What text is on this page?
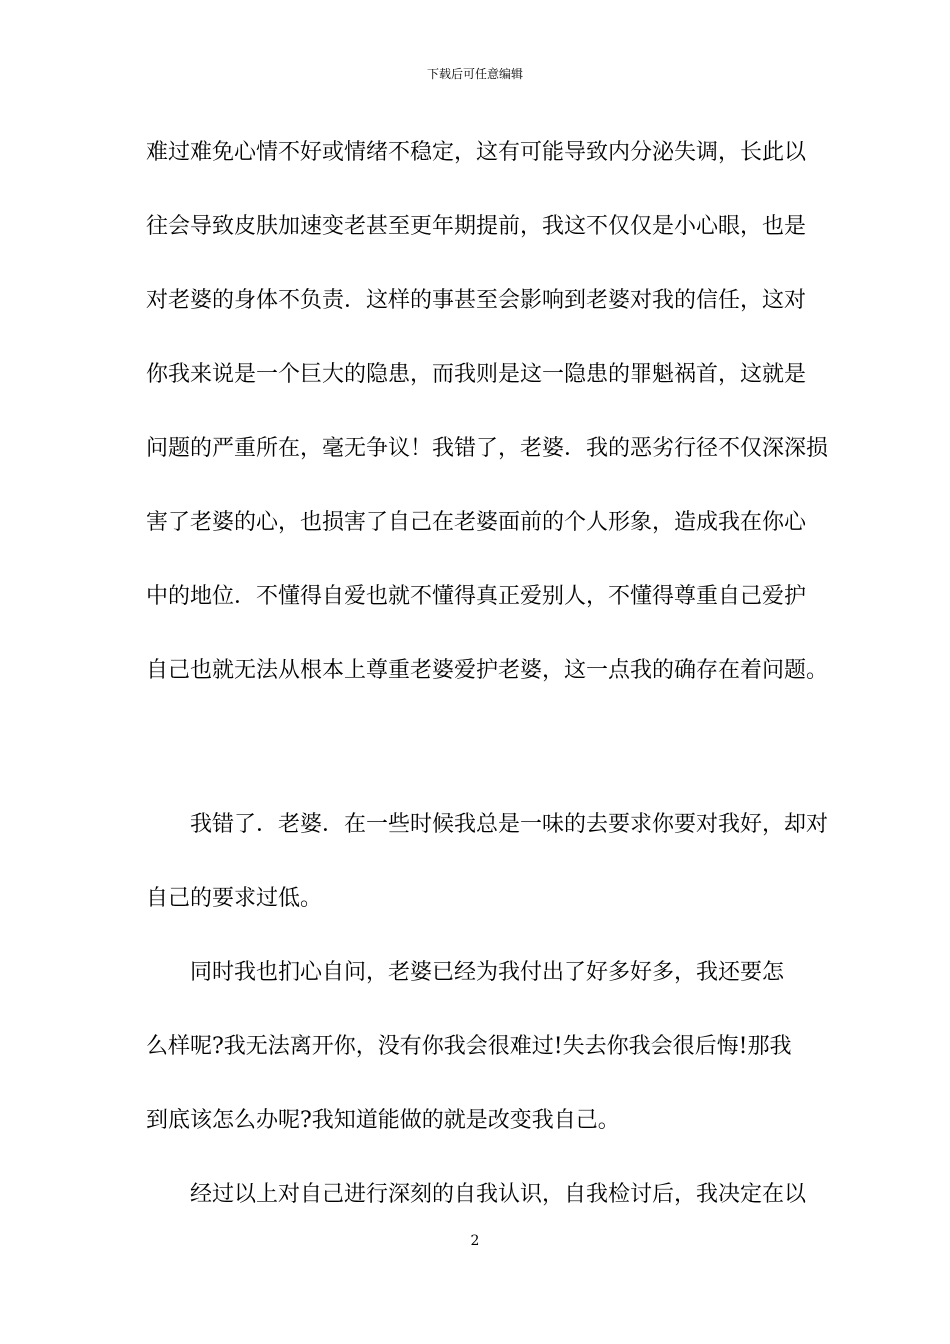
下载后可任意编辑
难过难免心情不好或情绪不稳定，这有可能导致内分泌失调，长此以
往会导致皮肤加速变老甚至更年期提前，我这不仅仅是小心眼，也是
对老婆的身体不负责．这样的事甚至会影响到老婆对我的信任，这对
你我来说是一个巨大的隐患，而我则是这一隐患的罪魁祸首，这就是
问题的严重所在，毫无争议！我错了，老婆．我的恶劣行径不仅深深损
害了老婆的心，也损害了自己在老婆面前的个人形象，造成我在你心
中的地位．不懂得自爱也就不懂得真正爱别人，不懂得尊重自己爱护
自己也就无法从根本上尊重老婆爱护老婆，这一点我的确存在着问题。
　　我错了．老婆．在一些时候我总是一味的去要求你要对我好，却对
自己的要求过低。
　　同时我也扪心自问，老婆已经为我付出了好多好多，我还要怎
么样呢?我无法离开你，没有你我会很难过!失去你我会很后悔!那我
到底该怎么办呢?我知道能做的就是改变我自己。
　　经过以上对自己进行深刻的自我认识，自我检讨后，我决定在以
2
